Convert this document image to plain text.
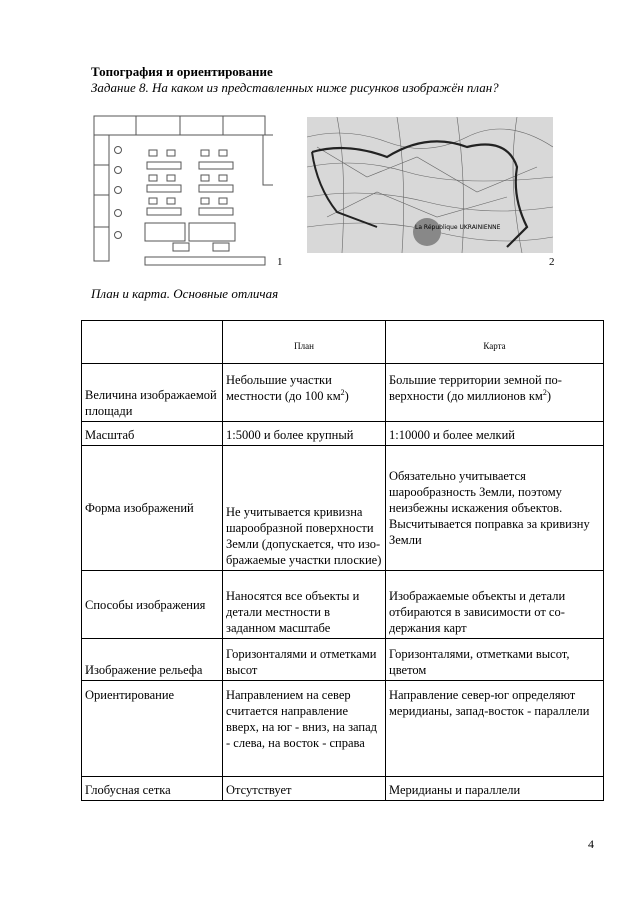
Топография и ориентирование
Задание 8. На каком из представленных ниже рисунков изображён план?
1
La République UKRAINIENNE
2
План и карта. Основные отличая
	План	Карта
Величина изображаемой площади	Небольшие участки местности (до 100 $км^2$)	Большие территории земной по-верхности (до миллионов $км^2$)
Масштаб	1:5000 и более крупный	1:10000 и более мелкий
Форма изображений	Не учитывается кривизна шарообразной поверхности Земли (допускается, что изо-бражаемые участки плоские)	Обязательно учитывается шарообразность Земли, поэтому неизбежны искажения объектов. Высчитывается поправка за кривизну Земли
Способы изображения	Наносятся все объекты и детали местности в заданном масштабе	Изображаемые объекты и детали отбираются в зависимости от со-держания карт
Изображение рельефа	Горизонталями и отметками высот	Горизонталями, отметками высот, цветом
Ориентирование	Направлением на север считается направление вверх, на юг - вниз, на запад - слева, на восток - справа	Направление север-юг определяют меридианы, запад-восток - параллели
Глобусная сетка	Отсутствует	Меридианы и параллели
4
